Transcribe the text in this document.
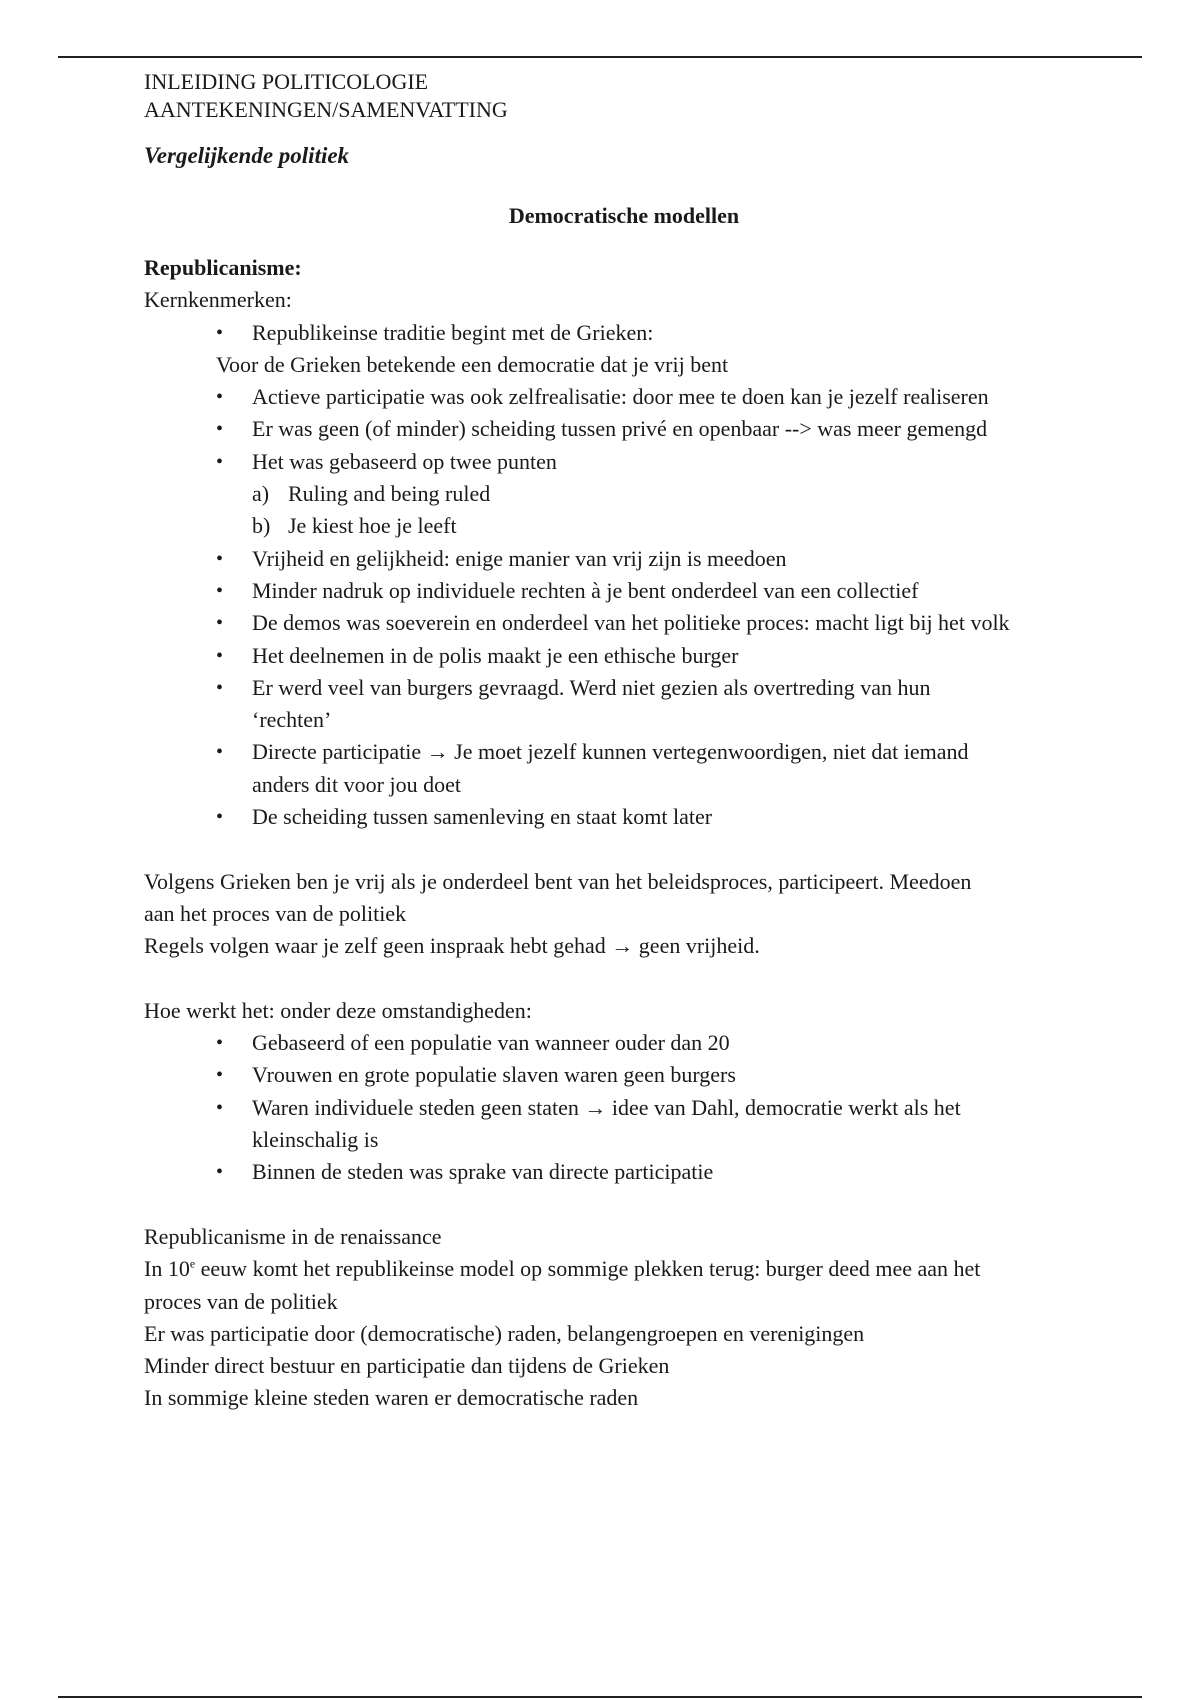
INLEIDING POLITICOLOGIE
AANTEKENINGEN/SAMENVATTING
Vergelijkende politiek
Democratische modellen
Republicanisme:
Kernkenmerken:
• Republikeinse traditie begint met de Grieken:
Voor de Grieken betekende een democratie dat je vrij bent
• Actieve participatie was ook zelfrealisatie: door mee te doen kan je jezelf realiseren
• Er was geen (of minder) scheiding tussen privé en openbaar --> was meer gemengd
• Het was gebaseerd op twee punten
a) Ruling and being ruled
b) Je kiest hoe je leeft
• Vrijheid en gelijkheid: enige manier van vrij zijn is meedoen
• Minder nadruk op individuele rechten à je bent onderdeel van een collectief
• De demos was soeverein en onderdeel van het politieke proces: macht ligt bij het volk
• Het deelnemen in de polis maakt je een ethische burger
• Er werd veel van burgers gevraagd. Werd niet gezien als overtreding van hun
‘rechten’
• Directe participatie → Je moet jezelf kunnen vertegenwoordigen, niet dat iemand
anders dit voor jou doet
• De scheiding tussen samenleving en staat komt later
Volgens Grieken ben je vrij als je onderdeel bent van het beleidsproces, participeert. Meedoen
aan het proces van de politiek
Regels volgen waar je zelf geen inspraak hebt gehad → geen vrijheid.
Hoe werkt het: onder deze omstandigheden:
• Gebaseerd of een populatie van wanneer ouder dan 20
• Vrouwen en grote populatie slaven waren geen burgers
• Waren individuele steden geen staten → idee van Dahl, democratie werkt als het
kleinschalig is
• Binnen de steden was sprake van directe participatie
Republicanisme in de renaissance
In 10e eeuw komt het republikeinse model op sommige plekken terug: burger deed mee aan het
proces van de politiek
Er was participatie door (democratische) raden, belangengroepen en verenigingen
Minder direct bestuur en participatie dan tijdens de Grieken
In sommige kleine steden waren er democratische raden
